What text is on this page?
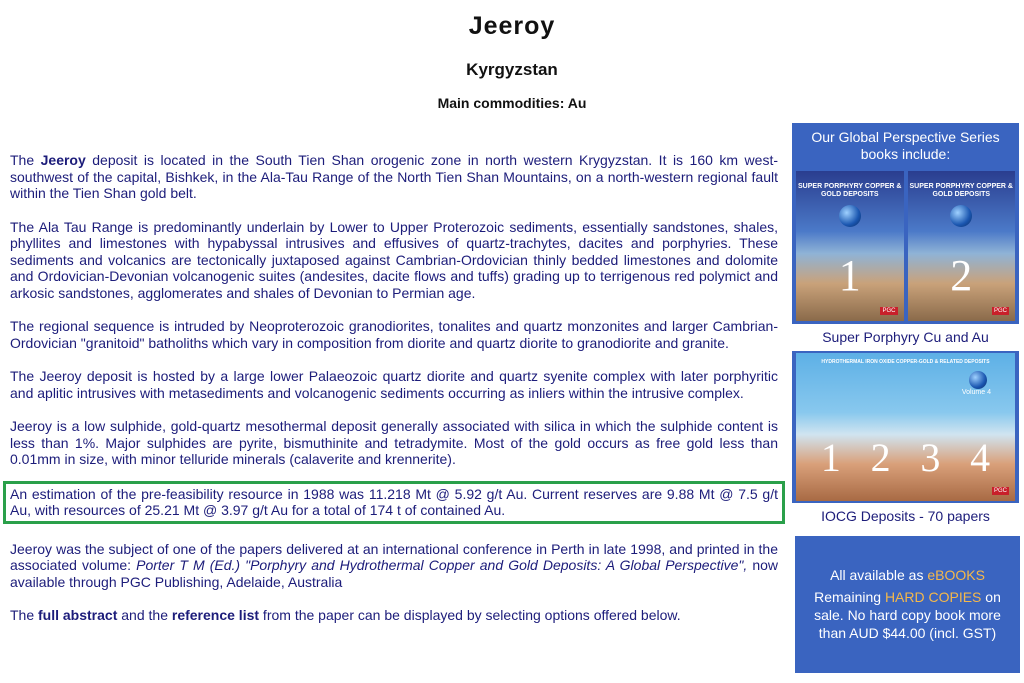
Jeeroy
Kyrgyzstan
Main commodities: Au

The Jeeroy deposit is located in the South Tien Shan orogenic zone in north western Krygyzstan. It is 160 km west-southwest of the capital, Bishkek, in the Ala-Tau Range of the North Tien Shan Mountains, on a north-western regional fault within the Tien Shan gold belt.

The Ala Tau Range is predominantly underlain by Lower to Upper Proterozoic sediments, essentially sandstones, shales, phyllites and limestones with hypabyssal intrusives and effusives of quartz-trachytes, dacites and porphyries. These sediments and volcanics are tectonically juxtaposed against Cambrian-Ordovician thinly bedded limestones and dolomite and Ordovician-Devonian volcanogenic suites (andesites, dacite flows and tuffs) grading up to terrigenous red polymict and arkosic sandstones, agglomerates and shales of Devonian to Permian age.

The regional sequence is intruded by Neoproterozoic granodiorites, tonalites and quartz monzonites and larger Cambrian-Ordovician "granitoid" batholiths which vary in composition from diorite and quartz diorite to granodiorite and granite.

The Jeeroy deposit is hosted by a large lower Palaeozoic quartz diorite and quartz syenite complex with later porphyritic and aplitic intrusives with metasediments and volcanogenic sediments occurring as inliers within the intrusive complex.

Jeeroy is a low sulphide, gold-quartz mesothermal deposit generally associated with silica in which the sulphide content is less than 1%. Major sulphides are pyrite, bismuthinite and tetradymite. Most of the gold occurs as free gold less than 0.01mm in size, with minor telluride minerals (calaverite and krennerite).

An estimation of the pre-feasibility resource in 1988 was 11.218 Mt @ 5.92 g/t Au. Current reserves are 9.88 Mt @ 7.5 g/t Au, with resources of 25.21 Mt @ 3.97 g/t Au for a total of 174 t of contained Au.

Jeeroy was the subject of one of the papers delivered at an international conference in Perth in late 1998, and printed in the associated volume: Porter T M (Ed.) "Porphyry and Hydrothermal Copper and Gold Deposits: A Global Perspective", now available through PGC Publishing, Adelaide, Australia

The full abstract and the reference list from the paper can be displayed by selecting options offered below.

Our Global Perspective Series books include:
SUPER PORPHYRY COPPER & GOLD DEPOSITS
1
PGC
SUPER PORPHYRY COPPER & GOLD DEPOSITS
2
PGC
Super Porphyry Cu and Au
HYDROTHERMAL IRON OXIDE COPPER-GOLD & RELATED DEPOSITS
Volume 4
1 2 3 4
PGC
IOCG Deposits - 70 papers
All available as eBOOKS
Remaining HARD COPIES on sale. No hard copy book more than AUD $44.00 (incl. GST)
